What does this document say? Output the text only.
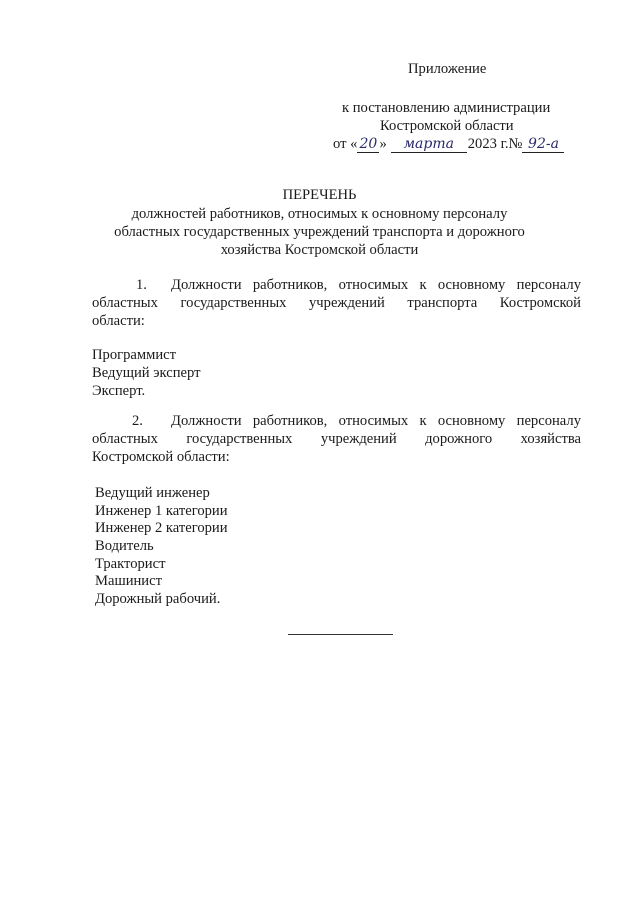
Приложение
к постановлению администрации
Костромской области
от « 20 » марта 2023 г.№ 92-а
ПЕРЕЧЕНЬ
должностей работников, относимых к основному персоналу
областных государственных учреждений транспорта и дорожного
хозяйства Костромской области
1. Должности работников, относимых к основному персоналу
областных государственных учреждений транспорта Костромской
области:
Программист
Ведущий эксперт
Эксперт.
2. Должности работников, относимых к основному персоналу
областных государственных учреждений дорожного хозяйства
Костромской области:
Ведущий инженер
Инженер 1 категории
Инженер 2 категории
Водитель
Тракторист
Машинист
Дорожный рабочий.
